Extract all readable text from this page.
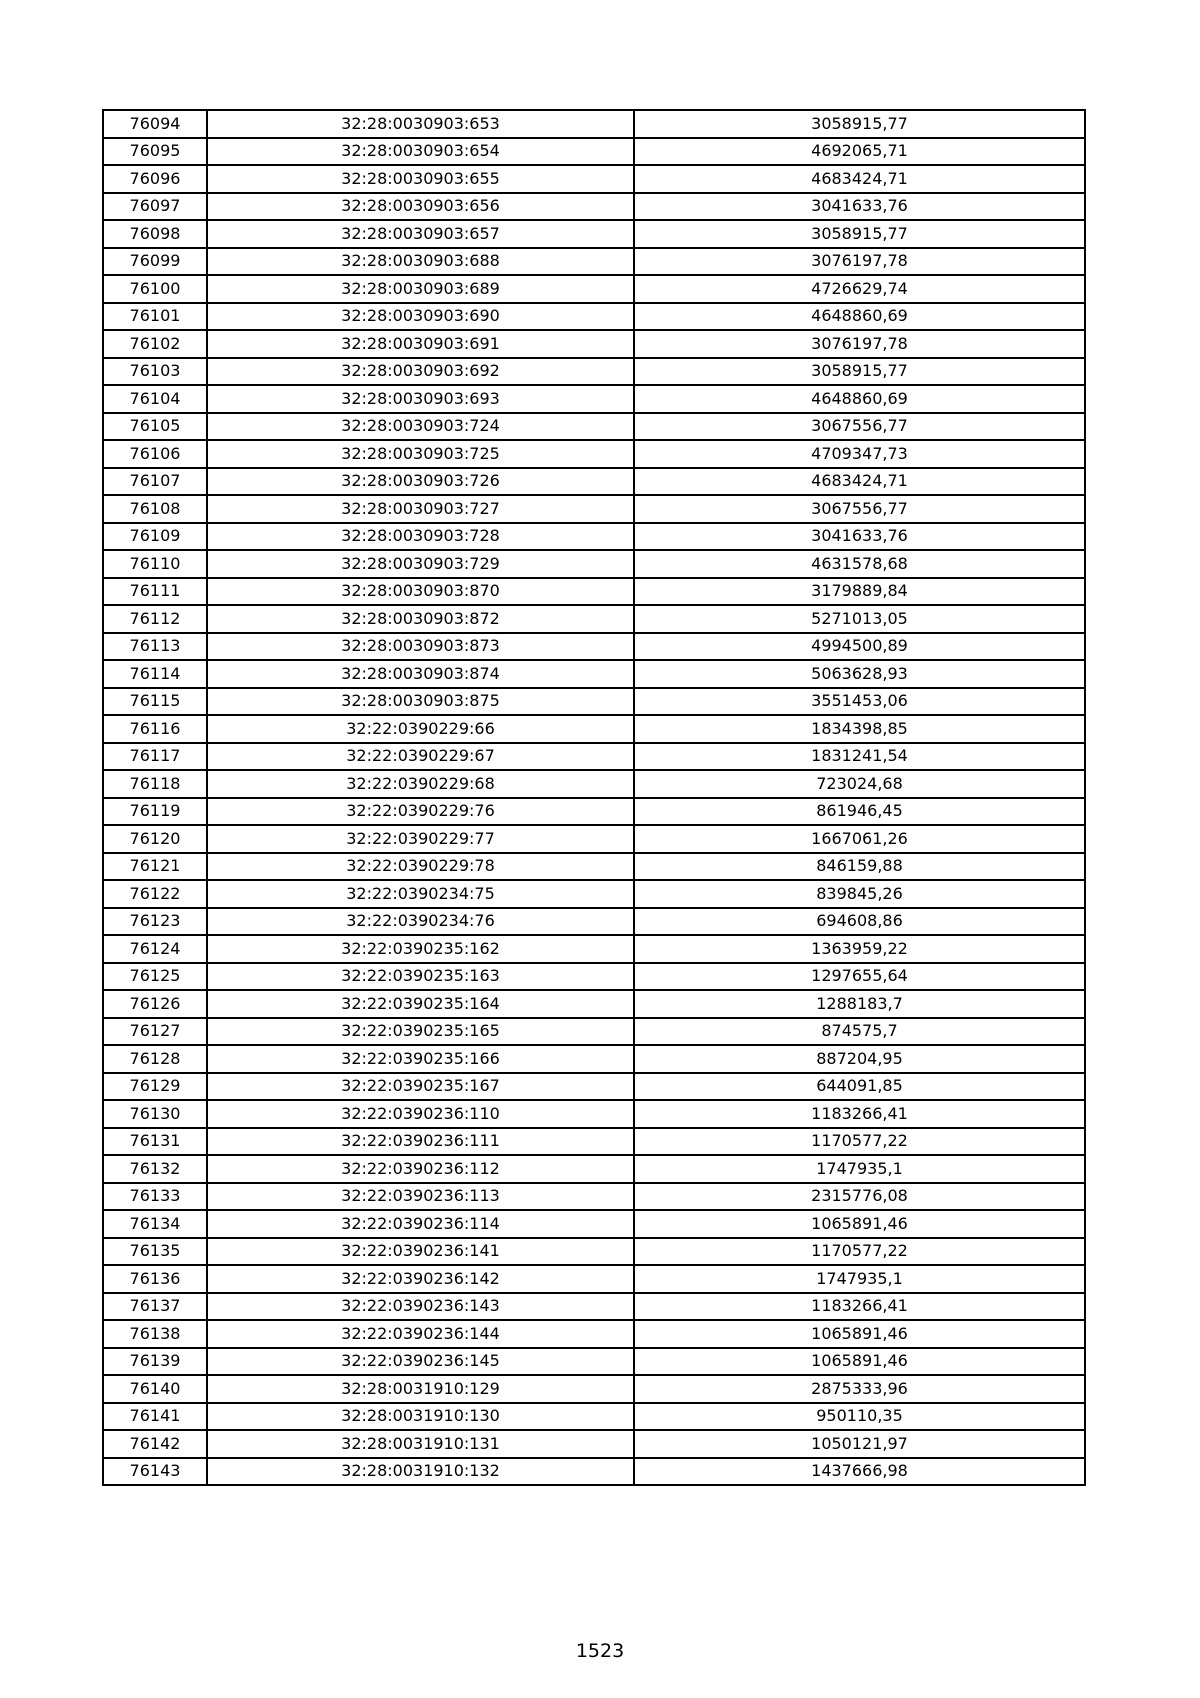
76094	32:28:0030903:653	3058915,77
76095	32:28:0030903:654	4692065,71
76096	32:28:0030903:655	4683424,71
76097	32:28:0030903:656	3041633,76
76098	32:28:0030903:657	3058915,77
76099	32:28:0030903:688	3076197,78
76100	32:28:0030903:689	4726629,74
76101	32:28:0030903:690	4648860,69
76102	32:28:0030903:691	3076197,78
76103	32:28:0030903:692	3058915,77
76104	32:28:0030903:693	4648860,69
76105	32:28:0030903:724	3067556,77
76106	32:28:0030903:725	4709347,73
76107	32:28:0030903:726	4683424,71
76108	32:28:0030903:727	3067556,77
76109	32:28:0030903:728	3041633,76
76110	32:28:0030903:729	4631578,68
76111	32:28:0030903:870	3179889,84
76112	32:28:0030903:872	5271013,05
76113	32:28:0030903:873	4994500,89
76114	32:28:0030903:874	5063628,93
76115	32:28:0030903:875	3551453,06
76116	32:22:0390229:66	1834398,85
76117	32:22:0390229:67	1831241,54
76118	32:22:0390229:68	723024,68
76119	32:22:0390229:76	861946,45
76120	32:22:0390229:77	1667061,26
76121	32:22:0390229:78	846159,88
76122	32:22:0390234:75	839845,26
76123	32:22:0390234:76	694608,86
76124	32:22:0390235:162	1363959,22
76125	32:22:0390235:163	1297655,64
76126	32:22:0390235:164	1288183,7
76127	32:22:0390235:165	874575,7
76128	32:22:0390235:166	887204,95
76129	32:22:0390235:167	644091,85
76130	32:22:0390236:110	1183266,41
76131	32:22:0390236:111	1170577,22
76132	32:22:0390236:112	1747935,1
76133	32:22:0390236:113	2315776,08
76134	32:22:0390236:114	1065891,46
76135	32:22:0390236:141	1170577,22
76136	32:22:0390236:142	1747935,1
76137	32:22:0390236:143	1183266,41
76138	32:22:0390236:144	1065891,46
76139	32:22:0390236:145	1065891,46
76140	32:28:0031910:129	2875333,96
76141	32:28:0031910:130	950110,35
76142	32:28:0031910:131	1050121,97
76143	32:28:0031910:132	1437666,98
1523
